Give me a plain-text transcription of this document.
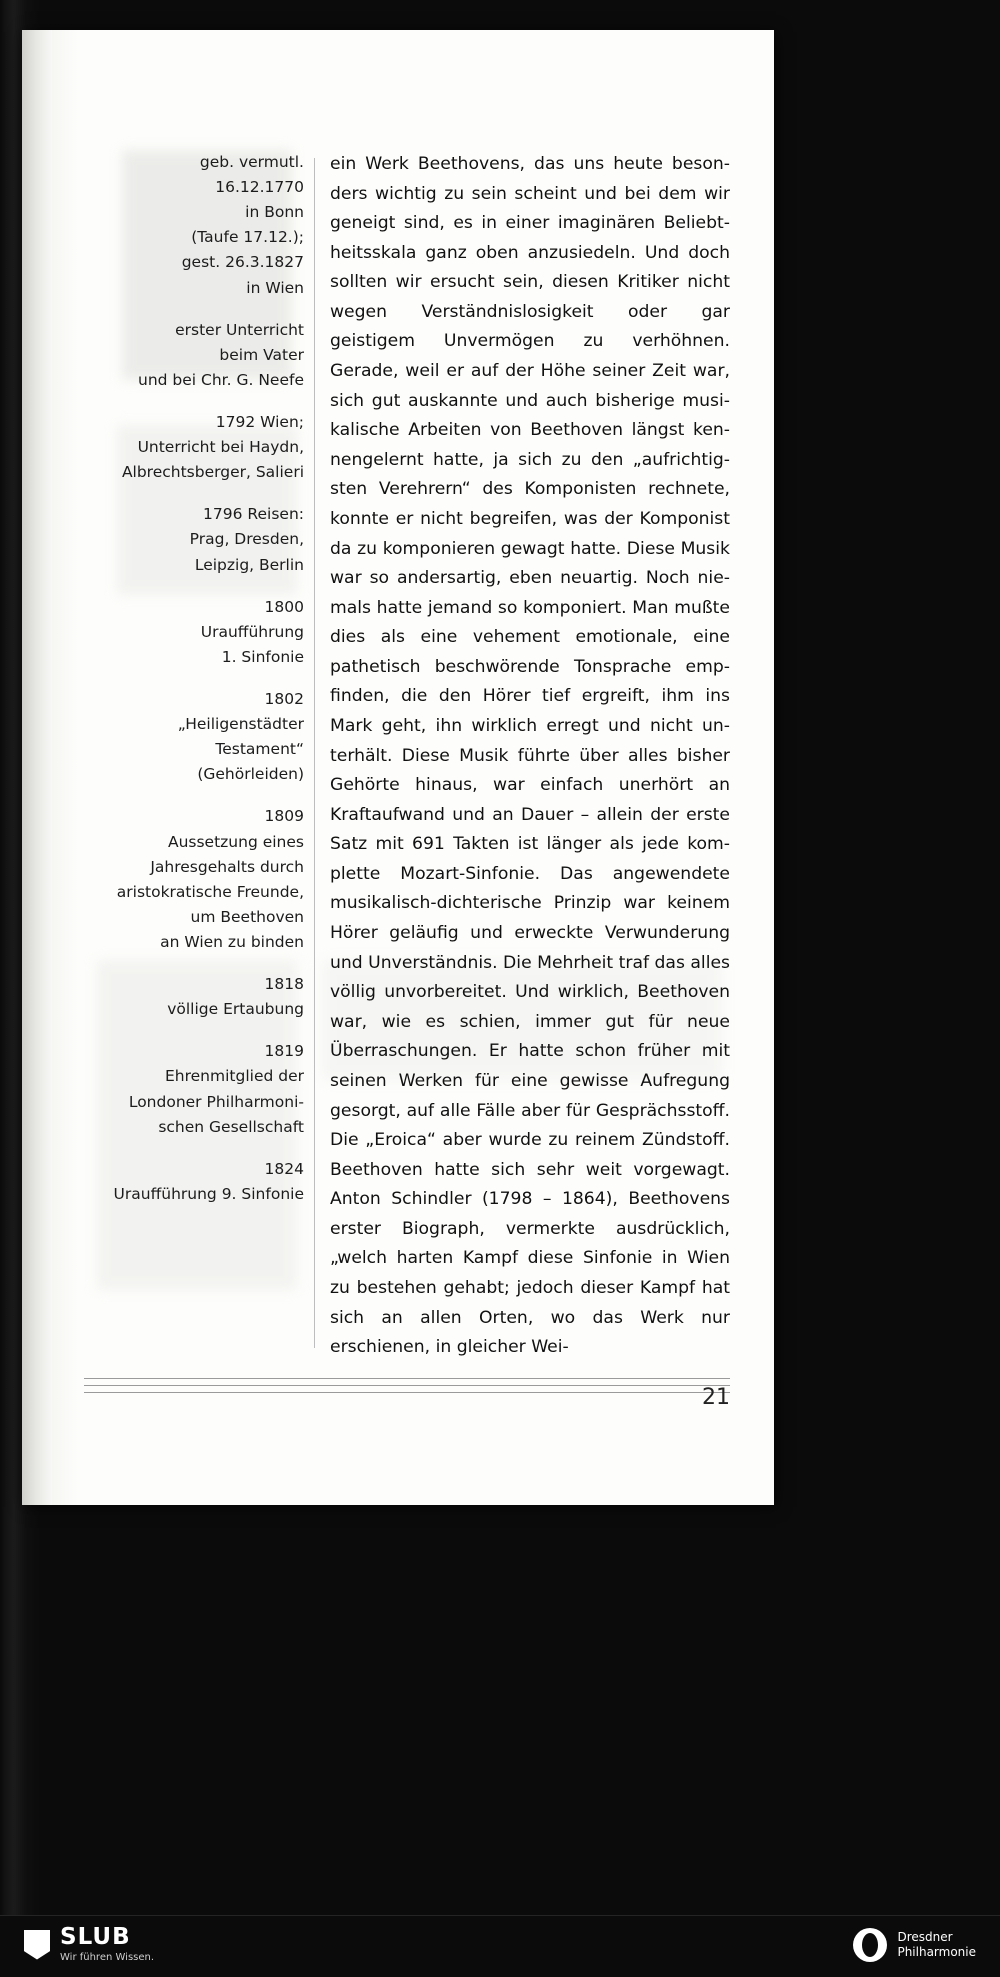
geb. vermutl.
16.12.1770
in Bonn
(Taufe 17.12.);
gest. 26.3.1827
in Wien
erster Unterricht
beim Vater
und bei Chr. G. Neefe
1792 Wien;
Unterricht bei Haydn,
Albrechtsberger, Salieri
1796 Reisen:
Prag, Dresden,
Leipzig, Berlin
1800
Uraufführung
1. Sinfonie
1802
„Heiligenstädter
Testament“
(Gehörleiden)
1809
Aussetzung eines
Jahresgehalts durch
aristokratische Freunde,
um Beethoven
an Wien zu binden
1818
völlige Ertaubung
1819
Ehrenmitglied der
Londoner Philharmoni-
schen Gesellschaft
1824
Uraufführung 9. Sinfonie

ein Werk Beethovens, das uns heute besonders wichtig zu sein scheint und bei dem wir geneigt sind, es in einer imaginären Beliebtheitsskala ganz oben anzusiedeln. Und doch sollten wir ersucht sein, diesen Kritiker nicht wegen Verständnislosigkeit oder gar geistigem Unvermögen zu verhöhnen. Gerade, weil er auf der Höhe seiner Zeit war, sich gut auskannte und auch bisherige musikalische Arbeiten von Beethoven längst kennengelernt hatte, ja sich zu den „aufrichtigsten Verehrern“ des Komponisten rechnete, konnte er nicht begreifen, was der Komponist da zu komponieren gewagt hatte. Diese Musik war so andersartig, eben neuartig. Noch niemals hatte jemand so komponiert. Man mußte dies als eine vehement emotionale, eine pathetisch beschwörende Tonsprache empfinden, die den Hörer tief ergreift, ihm ins Mark geht, ihn wirklich erregt und nicht unterhält. Diese Musik führte über alles bisher Gehörte hinaus, war einfach unerhört an Kraftaufwand und an Dauer – allein der erste Satz mit 691 Takten ist länger als jede komplette Mozart-Sinfonie. Das angewendete musikalisch-dichterische Prinzip war keinem Hörer geläufig und erweckte Verwunderung und Unverständnis. Die Mehrheit traf das alles völlig unvorbereitet. Und wirklich, Beethoven war, wie es schien, immer gut für neue Überraschungen. Er hatte schon früher mit seinen Werken für eine gewisse Aufregung gesorgt, auf alle Fälle aber für Gesprächsstoff. Die „Eroica“ aber wurde zu reinem Zündstoff. Beethoven hatte sich sehr weit vorgewagt. Anton Schindler (1798 – 1864), Beethovens erster Biograph, vermerkte ausdrücklich, „welch harten Kampf diese Sinfonie in Wien zu bestehen gehabt; jedoch dieser Kampf hat sich an allen Orten, wo das Werk nur erschienen, in gleicher Wei-

21
SLUB
Wir führen Wissen.
Dresdner
Philharmonie
